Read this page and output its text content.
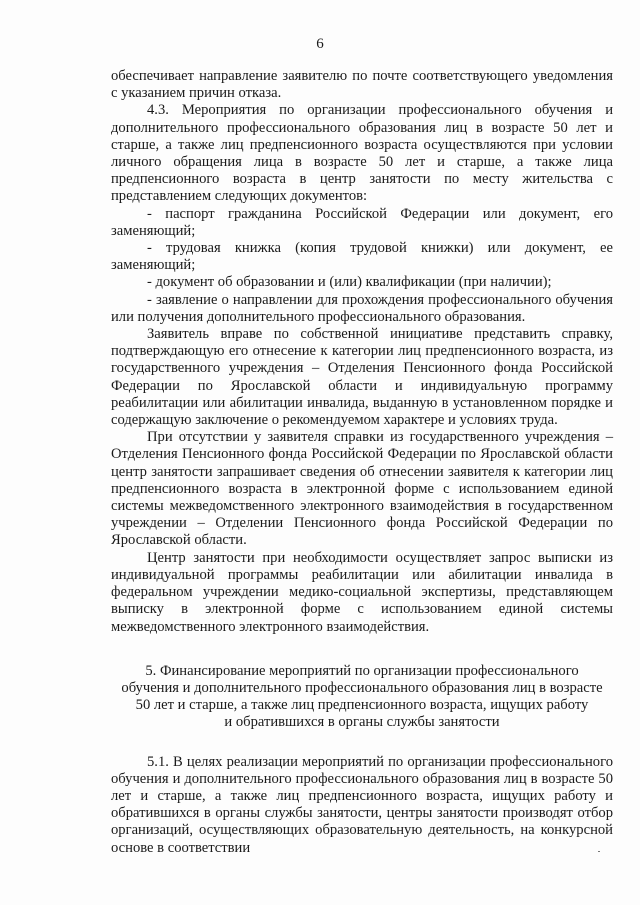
6

обеспечивает направление заявителю по почте соответствующего уведомления с указанием причин отказа.

4.3. Мероприятия по организации профессионального обучения и дополнительного профессионального образования лиц в возрасте 50 лет и старше, а также лиц предпенсионного возраста осуществляются при условии личного обращения лица в возрасте 50 лет и старше, а также лица предпенсионного возраста в центр занятости по месту жительства с представлением следующих документов:

- паспорт гражданина Российской Федерации или документ, его заменяющий;

- трудовая книжка (копия трудовой книжки) или документ, ее заменяющий;

- документ об образовании и (или) квалификации (при наличии);

- заявление о направлении для прохождения профессионального обучения или получения дополнительного профессионального образования.

Заявитель вправе по собственной инициативе представить справку, подтверждающую его отнесение к категории лиц предпенсионного возраста, из государственного учреждения – Отделения Пенсионного фонда Российской Федерации по Ярославской области и индивидуальную программу реабилитации или абилитации инвалида, выданную в установленном порядке и содержащую заключение о рекомендуемом характере и условиях труда.

При отсутствии у заявителя справки из государственного учреждения – Отделения Пенсионного фонда Российской Федерации по Ярославской области центр занятости запрашивает сведения об отнесении заявителя к категории лиц предпенсионного возраста в электронной форме с использованием единой системы межведомственного электронного взаимодействия в государственном учреждении – Отделении Пенсионного фонда Российской Федерации по Ярославской области.

Центр занятости при необходимости осуществляет запрос выписки из индивидуальной программы реабилитации или абилитации инвалида в федеральном учреждении медико-социальной экспертизы, представляющем выписку в электронной форме с использованием единой системы межведомственного электронного взаимодействия.

5. Финансирование мероприятий по организации профессионального
обучения и дополнительного профессионального образования лиц в возрасте
50 лет и старше, а также лиц предпенсионного возраста, ищущих работу
и обратившихся в органы службы занятости

5.1. В целях реализации мероприятий по организации профессионального обучения и дополнительного профессионального образования лиц в возрасте 50 лет и старше, а также лиц предпенсионного возраста, ищущих работу и обратившихся в органы службы занятости, центры занятости производят отбор организаций, осуществляющих образовательную деятельность, на конкурсной основе в соответствии
